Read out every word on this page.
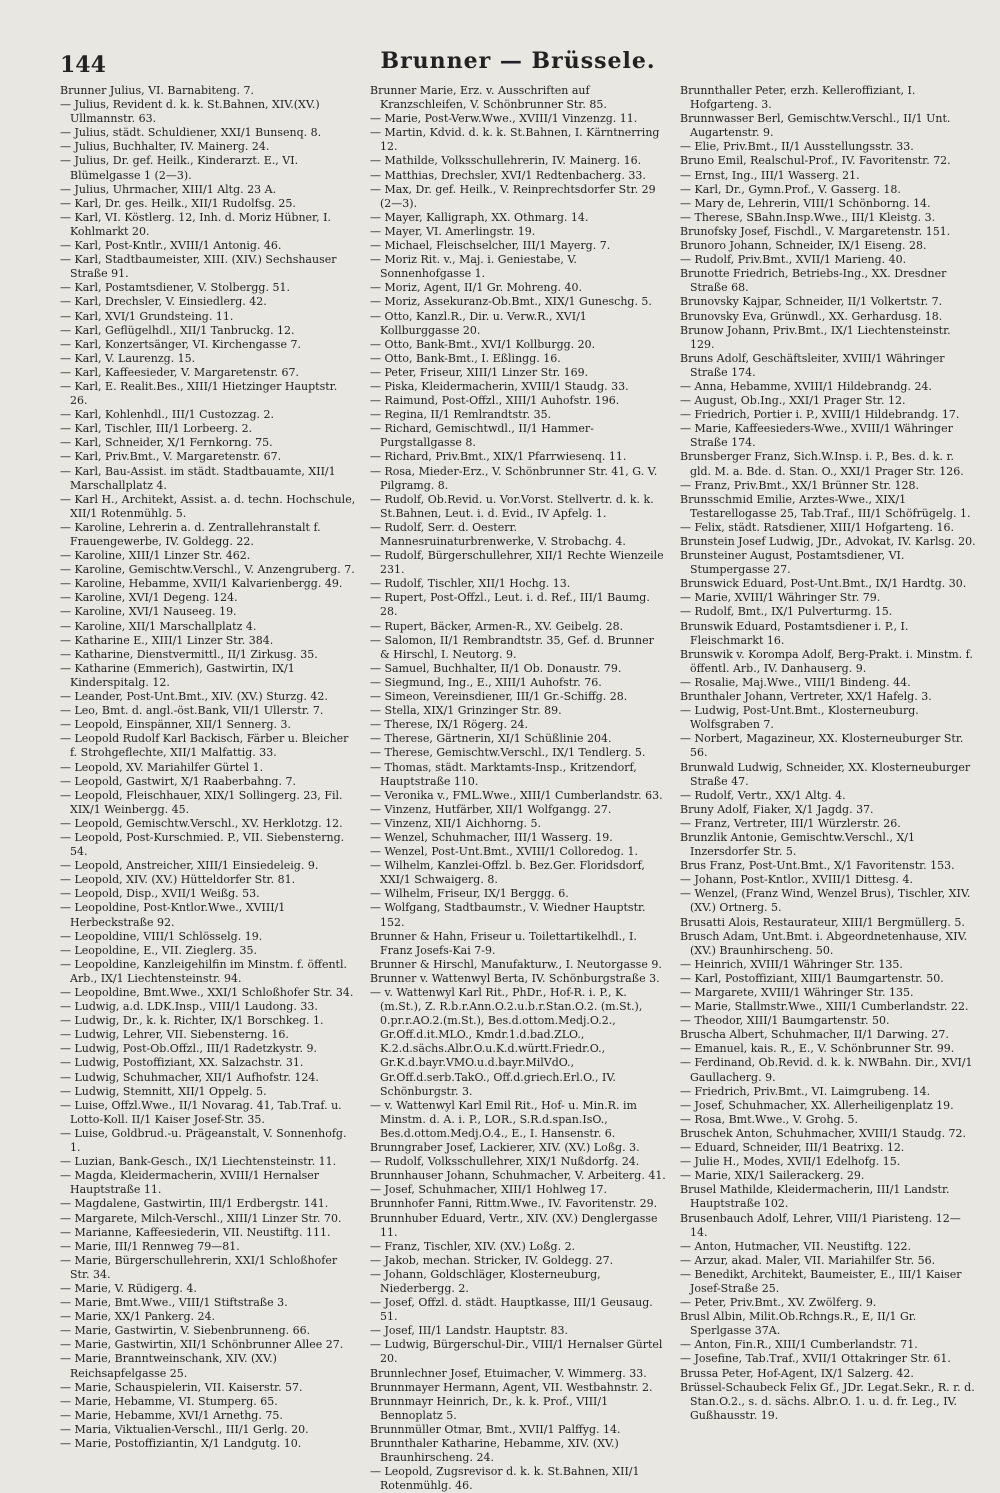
144	Brunner — Brüssele.
Brunner Julius, VI. Barnabiteng. 7.
— Julius, Revident d. k. k. St.Bahnen, XIV.(XV.) Ullmannstr. 63.
— Julius, städt. Schuldiener, XXI/1 Bunsenq. 8.
— Julius, Buchhalter, IV. Mainerg. 24.
— Julius, Dr. gef. Heilk., Kinderarzt. E., VI. Blümelgasse 1 (2—3).
— Julius, Uhrmacher, XIII/1 Altg. 23 A.
— Karl, Dr. ges. Heilk., XII/1 Rudolfsg. 25.
— Karl, VI. Köstlerg. 12, Inh. d. Moriz Hübner, I. Kohlmarkt 20.
— Karl, Post-Kntlr., XVIII/1 Antonig. 46.
— Karl, Stadtbaumeister, XIII. (XIV.) Sechshauser Straße 91.
— Karl, Postamtsdiener, V. Stolbergg. 51.
— Karl, Drechsler, V. Einsiedlerg. 42.
— Karl, XVI/1 Grundsteing. 11.
— Karl, Geflügelhdl., XII/1 Tanbruckg. 12.
— Karl, Konzertsänger, VI. Kirchengasse 7.
— Karl, V. Laurenzg. 15.
— Karl, Kaffeesieder, V. Margaretenstr. 67.
— Karl, E. Realit.Bes., XIII/1 Hietzinger Hauptstr. 26.
— Karl, Kohlenhdl., III/1 Custozzag. 2.
— Karl, Tischler, III/1 Lorbeerg. 2.
— Karl, Schneider, X/1 Fernkorng. 75.
— Karl, Priv.Bmt., V. Margaretenstr. 67.
— Karl, Bau-Assist. im städt. Stadtbauamte, XII/1 Marschallplatz 4.
— Karl H., Architekt, Assist. a. d. techn. Hochschule, XII/1 Rotenmühlg. 5.
— Karoline, Lehrerin a. d. Zentrallehranstalt f. Frauengewerbe, IV. Goldegg. 22.
— Karoline, XIII/1 Linzer Str. 462.
— Karoline, Gemischtw.Verschl., V. Anzengruberg. 7.
— Karoline, Hebamme, XVII/1 Kalvarienbergg. 49.
— Karoline, XVI/1 Degeng. 124.
— Karoline, XVI/1 Nauseeg. 19.
— Karoline, XII/1 Marschallplatz 4.
— Katharine E., XIII/1 Linzer Str. 384.
— Katharine, Dienstvermittl., II/1 Zirkusg. 35.
— Katharine (Emmerich), Gastwirtin, IX/1 Kinderspitalg. 12.
— Leander, Post-Unt.Bmt., XIV. (XV.) Sturzg. 42.
— Leo, Bmt. d. angl.-öst.Bank, VII/1 Ullerstr. 7.
— Leopold, Einspänner, XII/1 Sennerg. 3.
— Leopold Rudolf Karl Backisch, Färber u. Bleicher f. Strohgeflechte, XII/1 Malfattig. 33.
— Leopold, XV. Mariahilfer Gürtel 1.
— Leopold, Gastwirt, X/1 Raaberbahng. 7.
— Leopold, Fleischhauer, XIX/1 Sollingerg. 23, Fil. XIX/1 Weinbergg. 45.
— Leopold, Gemischtw.Verschl., XV. Herklotzg. 12.
— Leopold, Post-Kurschmied. P., VII. Siebensterng. 54.
— Leopold, Anstreicher, XIII/1 Einsiedeleig. 9.
— Leopold, XIV. (XV.) Hütteldorfer Str. 81.
— Leopold, Disp., XVII/1 Weißg. 53.
— Leopoldine, Post-Kntlor.Wwe., XVIII/1 Herbeckstraße 92.
— Leopoldine, VIII/1 Schlösselg. 19.
— Leopoldine, E., VII. Zieglerg. 35.
— Leopoldine, Kanzleigehilfin im Minstm. f. öffentl. Arb., IX/1 Liechtensteinstr. 94.
— Leopoldine, Bmt.Wwe., XXI/1 Schloßhofer Str. 34.
— Ludwig, a.d. LDK.Insp., VIII/1 Laudong. 33.
— Ludwig, Dr., k. k. Richter, IX/1 Borschkeg. 1.
— Ludwig, Lehrer, VII. Siebensterng. 16.
— Ludwig, Post-Ob.Offzl., III/1 Radetzkystr. 9.
— Ludwig, Postoffiziant, XX. Salzachstr. 31.
— Ludwig, Schuhmacher, XII/1 Aufhofstr. 124.
— Ludwig, Stemnitt, XII/1 Oppelg. 5.
— Luise, Offzl.Wwe., II/1 Novarag. 41, Tab.Traf. u. Lotto-Koll. II/1 Kaiser Josef-Str. 35.
— Luise, Goldbrud.-u. Prägeanstalt, V. Sonnenhofg. 1.
— Luzian, Bank-Gesch., IX/1 Liechtensteinstr. 11.
— Magda, Kleidermacherin, XVIII/1 Hernalser Hauptstraße 11.
— Magdalene, Gastwirtin, III/1 Erdbergstr. 141.
— Margarete, Milch-Verschl., XIII/1 Linzer Str. 70.
— Marianne, Kaffeesiederin, VII. Neustiftg. 111.
— Marie, III/1 Rennweg 79—81.
— Marie, Bürgerschullehrerin, XXI/1 Schloßhofer Str. 34.
— Marie, V. Rüdigerg. 4.
— Marie, Bmt.Wwe., VIII/1 Stiftstraße 3.
— Marie, XX/1 Pankerg. 24.
— Marie, Gastwirtin, V. Siebenbrunneng. 66.
— Marie, Gastwirtin, XII/1 Schönbrunner Allee 27.
— Marie, Branntweinschank, XIV. (XV.) Reichsapfelgasse 25.
— Marie, Schauspielerin, VII. Kaiserstr. 57.
— Marie, Hebamme, VI. Stumperg. 65.
— Marie, Hebamme, XVI/1 Arnethg. 75.
— Maria, Viktualien-Verschl., III/1 Gerlg. 20.
— Marie, Postoffiziantin, X/1 Landgutg. 10.
Brunner Marie, Erz. v. Ausschriften auf Kranzschleifen, V. Schönbrunner Str. 85.
— Marie, Post-Verw.Wwe., XVIII/1 Vinzenzg. 11.
— Martin, Kdvid. d. k. k. St.Bahnen, I. Kärntnerring 12.
— Mathilde, Volksschullehrerin, IV. Mainerg. 16.
— Matthias, Drechsler, XVI/1 Redtenbacherg. 33.
— Max, Dr. gef. Heilk., V. Reinprechtsdorfer Str. 29 (2—3).
— Mayer, Kalligraph, XX. Othmarg. 14.
— Mayer, VI. Amerlingstr. 19.
— Michael, Fleischselcher, III/1 Mayerg. 7.
— Moriz Rit. v., Maj. i. Geniestabe, V. Sonnenhofgasse 1.
— Moriz, Agent, II/1 Gr. Mohreng. 40.
— Moriz, Assekuranz-Ob.Bmt., XIX/1 Guneschg. 5.
— Otto, Kanzl.R., Dir. u. Verw.R., XVI/1 Kollburggasse 20.
— Otto, Bank-Bmt., XVI/1 Kollburgg. 20.
— Otto, Bank-Bmt., I. Eßlingg. 16.
— Peter, Friseur, XIII/1 Linzer Str. 169.
— Piska, Kleidermacherin, XVIII/1 Staudg. 33.
— Raimund, Post-Offzl., XIII/1 Auhofstr. 196.
— Regina, II/1 Remlrandtstr. 35.
— Richard, Gemischtwdl., II/1 Hammer-Purgstallgasse 8.
— Richard, Priv.Bmt., XIX/1 Pfarrwiesenq. 11.
— Rosa, Mieder-Erz., V. Schönbrunner Str. 41, G. V. Pilgramg. 8.
— Rudolf, Ob.Revid. u. Vor.Vorst. Stellvertr. d. k. k. St.Bahnen, Leut. i. d. Evid., IV Apfelg. 1.
— Rudolf, Serr. d. Oesterr. Mannesruinaturbrenwerke, V. Strobachg. 4.
— Rudolf, Bürgerschullehrer, XII/1 Rechte Wienzeile 231.
— Rudolf, Tischler, XII/1 Hochg. 13.
— Rupert, Post-Offzl., Leut. i. d. Ref., III/1 Baumg. 28.
— Rupert, Bäcker, Armen-R., XV. Geibelg. 28.
— Salomon, II/1 Rembrandtstr. 35, Gef. d. Brunner & Hirschl, I. Neutorg. 9.
— Samuel, Buchhalter, II/1 Ob. Donaustr. 79.
— Siegmund, Ing., E., XIII/1 Auhofstr. 76.
— Simeon, Vereinsdiener, III/1 Gr.-Schiffg. 28.
— Stella, XIX/1 Grinzinger Str. 89.
— Therese, IX/1 Rögerg. 24.
— Therese, Gärtnerin, XI/1 Schüßlinie 204.
— Therese, Gemischtw.Verschl., IX/1 Tendlerg. 5.
— Thomas, städt. Marktamts-Insp., Kritzendorf, Hauptstraße 110.
— Veronika v., FML.Wwe., XIII/1 Cumberlandstr. 63.
— Vinzenz, Hutfärber, XII/1 Wolfgangg. 27.
— Vinzenz, XII/1 Aichhorng. 5.
— Wenzel, Schuhmacher, III/1 Wasserg. 19.
— Wenzel, Post-Unt.Bmt., XVIII/1 Colloredog. 1.
— Wilhelm, Kanzlei-Offzl. b. Bez.Ger. Floridsdorf, XXI/1 Schwaigerg. 8.
— Wilhelm, Friseur, IX/1 Berggg. 6.
— Wolfgang, Stadtbaumstr., V. Wiedner Hauptstr. 152.
Brunner & Hahn, Friseur u. Toilettartikelhdl., I. Franz Josefs-Kai 7-9.
Brunner & Hirschl, Manufakturw., I. Neutorgasse 9.
Brunner v. Wattenwyl Berta, IV. Schönburgstraße 3.
— v. Wattenwyl Karl Rit., PhDr., Hof-R. i. P., K.(m.St.), Z. R.b.r.Ann.O.2.u.b.r.Stan.O.2. (m.St.), 0.pr.r.AO.2.(m.St.), Bes.d.ottom.Medj.O.2., Gr.Off.d.it.MLO., Kmdr.1.d.bad.ZLO., K.2.d.sächs.Albr.O.u.K.d.württ.Friedr.O., Gr.K.d.bayr.VMO.u.d.bayr.MilVdO., Gr.Off.d.serb.TakO., Off.d.griech.Erl.O., IV. Schönburgstr. 3.
— v. Wattenwyl Karl Emil Rit., Hof- u. Min.R. im Minstm. d. A. i. P., LOR., S.R.d.span.IsO., Bes.d.ottom.Medj.O.4., E., I. Hansenstr. 6.
Brunngraber Josef, Lackierer, XIV. (XV.) Loßg. 3.
— Rudolf, Volksschullehrer, XIX/1 Nußdorfg. 24.
Brunnhauser Johann, Schuhmacher, V. Arbeiterg. 41.
— Josef, Schuhmacher, XIII/1 Hohlweg 17.
Brunnhofer Fanni, Rittm.Wwe., IV. Favoritenstr. 29.
Brunnhuber Eduard, Vertr., XIV. (XV.) Denglergasse 11.
— Franz, Tischler, XIV. (XV.) Loßg. 2.
— Jakob, mechan. Stricker, IV. Goldegg. 27.
— Johann, Goldschläger, Klosterneuburg, Niederbergg. 2.
— Josef, Offzl. d. städt. Hauptkasse, III/1 Geusaug. 51.
— Josef, III/1 Landstr. Hauptstr. 83.
— Ludwig, Bürgerschul-Dir., VIII/1 Hernalser Gürtel 20.
Brunnlechner Josef, Etuimacher, V. Wimmerg. 33.
Brunnmayer Hermann, Agent, VII. Westbahnstr. 2.
Brunnmayr Heinrich, Dr., k. k. Prof., VIII/1 Bennoplatz 5.
Brunnmüller Otmar, Bmt., XVII/1 Palffyg. 14.
Brunnthaler Katharine, Hebamme, XIV. (XV.) Braunhirscheng. 24.
— Leopold, Zugsrevisor d. k. k. St.Bahnen, XII/1 Rotenmühlg. 46.
Brunnthaller Peter, erzh. Kelleroffiziant, I. Hofgarteng. 3.
Brunnwasser Berl, Gemischtw.Verschl., II/1 Unt. Augartenstr. 9.
— Elie, Priv.Bmt., II/1 Ausstellungsstr. 33.
Bruno Emil, Realschul-Prof., IV. Favoritenstr. 72.
— Ernst, Ing., III/1 Wasserg. 21.
— Karl, Dr., Gymn.Prof., V. Gasserg. 18.
— Mary de, Lehrerin, VIII/1 Schönborng. 14.
— Therese, SBahn.Insp.Wwe., III/1 Kleistg. 3.
Brunofsky Josef, Fischdl., V. Margaretenstr. 151.
Brunoro Johann, Schneider, IX/1 Eiseng. 28.
— Rudolf, Priv.Bmt., XVII/1 Marieng. 40.
Brunotte Friedrich, Betriebs-Ing., XX. Dresdner Straße 68.
Brunovsky Kajpar, Schneider, II/1 Volkertstr. 7.
Brunovsky Eva, Grünwdl., XX. Gerhardusg. 18.
Brunow Johann, Priv.Bmt., IX/1 Liechtensteinstr. 129.
Bruns Adolf, Geschäftsleiter, XVIII/1 Währinger Straße 174.
— Anna, Hebamme, XVIII/1 Hildebrandg. 24.
— August, Ob.Ing., XXI/1 Prager Str. 12.
— Friedrich, Portier i. P., XVIII/1 Hildebrandg. 17.
— Marie, Kaffeesieders-Wwe., XVIII/1 Währinger Straße 174.
Brunsberger Franz, Sich.W.Insp. i. P., Bes. d. k. r. gld. M. a. Bde. d. Stan. O., XXI/1 Prager Str. 126.
— Franz, Priv.Bmt., XX/1 Brünner Str. 128.
Brunsschmid Emilie, Arztes-Wwe., XIX/1 Testarellogasse 25, Tab.Traf., III/1 Schöfrügelg. 1.
— Felix, städt. Ratsdiener, XIII/1 Hofgarteng. 16.
Brunstein Josef Ludwig, JDr., Advokat, IV. Karlsg. 20.
Brunsteiner August, Postamtsdiener, VI. Stumpergasse 27.
Brunswick Eduard, Post-Unt.Bmt., IX/1 Hardtg. 30.
— Marie, XVIII/1 Währinger Str. 79.
— Rudolf, Bmt., IX/1 Pulverturmg. 15.
Brunswik Eduard, Postamtsdiener i. P., I. Fleischmarkt 16.
Brunswik v. Korompa Adolf, Berg-Prakt. i. Minstm. f. öffentl. Arb., IV. Danhauserg. 9.
— Rosalie, Maj.Wwe., VIII/1 Bindeng. 44.
Brunthaler Johann, Vertreter, XX/1 Hafelg. 3.
— Ludwig, Post-Unt.Bmt., Klosterneuburg. Wolfsgraben 7.
— Norbert, Magazineur, XX. Klosterneuburger Str. 56.
Brunwald Ludwig, Schneider, XX. Klosterneuburger Straße 47.
— Rudolf, Vertr., XX/1 Altg. 4.
Bruny Adolf, Fiaker, X/1 Jagdg. 37.
— Franz, Vertreter, III/1 Würzlerstr. 26.
Brunzlik Antonie, Gemischtw.Verschl., X/1 Inzersdorfer Str. 5.
Brus Franz, Post-Unt.Bmt., X/1 Favoritenstr. 153.
— Johann, Post-Kntlor., XVIII/1 Dittesg. 4.
— Wenzel, (Franz Wind, Wenzel Brus), Tischler, XIV. (XV.) Ortnerg. 5.
Brusatti Alois, Restaurateur, XIII/1 Bergmüllerg. 5.
Brusch Adam, Unt.Bmt. i. Abgeordnetenhause, XIV. (XV.) Braunhirscheng. 50.
— Heinrich, XVIII/1 Währinger Str. 135.
— Karl, Postoffiziant, XIII/1 Baumgartenstr. 50.
— Margarete, XVIII/1 Währinger Str. 135.
— Marie, Stallmstr.Wwe., XIII/1 Cumberlandstr. 22.
— Theodor, XIII/1 Baumgartenstr. 50.
Bruscha Albert, Schuhmacher, II/1 Darwing. 27.
— Emanuel, kais. R., E., V. Schönbrunner Str. 99.
— Ferdinand, Ob.Revid. d. k. k. NWBahn. Dir., XVI/1 Gaullacherg. 9.
— Friedrich, Priv.Bmt., VI. Laimgrubeng. 14.
— Josef, Schuhmacher, XX. Allerheiligenplatz 19.
— Rosa, Bmt.Wwe., V. Grohg. 5.
Bruschek Anton, Schuhmacher, XVIII/1 Staudg. 72.
— Eduard, Schneider, III/1 Beatrixg. 12.
— Julie H., Modes, XVII/1 Edelhofg. 15.
— Marie, XIX/1 Sailerackerg. 29.
Brusel Mathilde, Kleidermacherin, III/1 Landstr. Hauptstraße 102.
Brusenbauch Adolf, Lehrer, VIII/1 Piaristeng. 12—14.
— Anton, Hutmacher, VII. Neustiftg. 122.
— Arzur, akad. Maler, VII. Mariahilfer Str. 56.
— Benedikt, Architekt, Baumeister, E., III/1 Kaiser Josef-Straße 25.
— Peter, Priv.Bmt., XV. Zwölferg. 9.
Brusl Albin, Milit.Ob.Rchngs.R., E, II/1 Gr. Sperlgasse 37A.
— Anton, Fin.R., XIII/1 Cumberlandstr. 71.
— Josefine, Tab.Traf., XVII/1 Ottakringer Str. 61.
Brussa Peter, Hof-Agent, IX/1 Salzerg. 42.
Brüssel-Schaubeck Felix Gf., JDr. Legat.Sekr., R. r. d. Stan.O.2., s. d. sächs. Albr.O. 1. u. d. fr. Leg., IV. Gußhausstr. 19.
